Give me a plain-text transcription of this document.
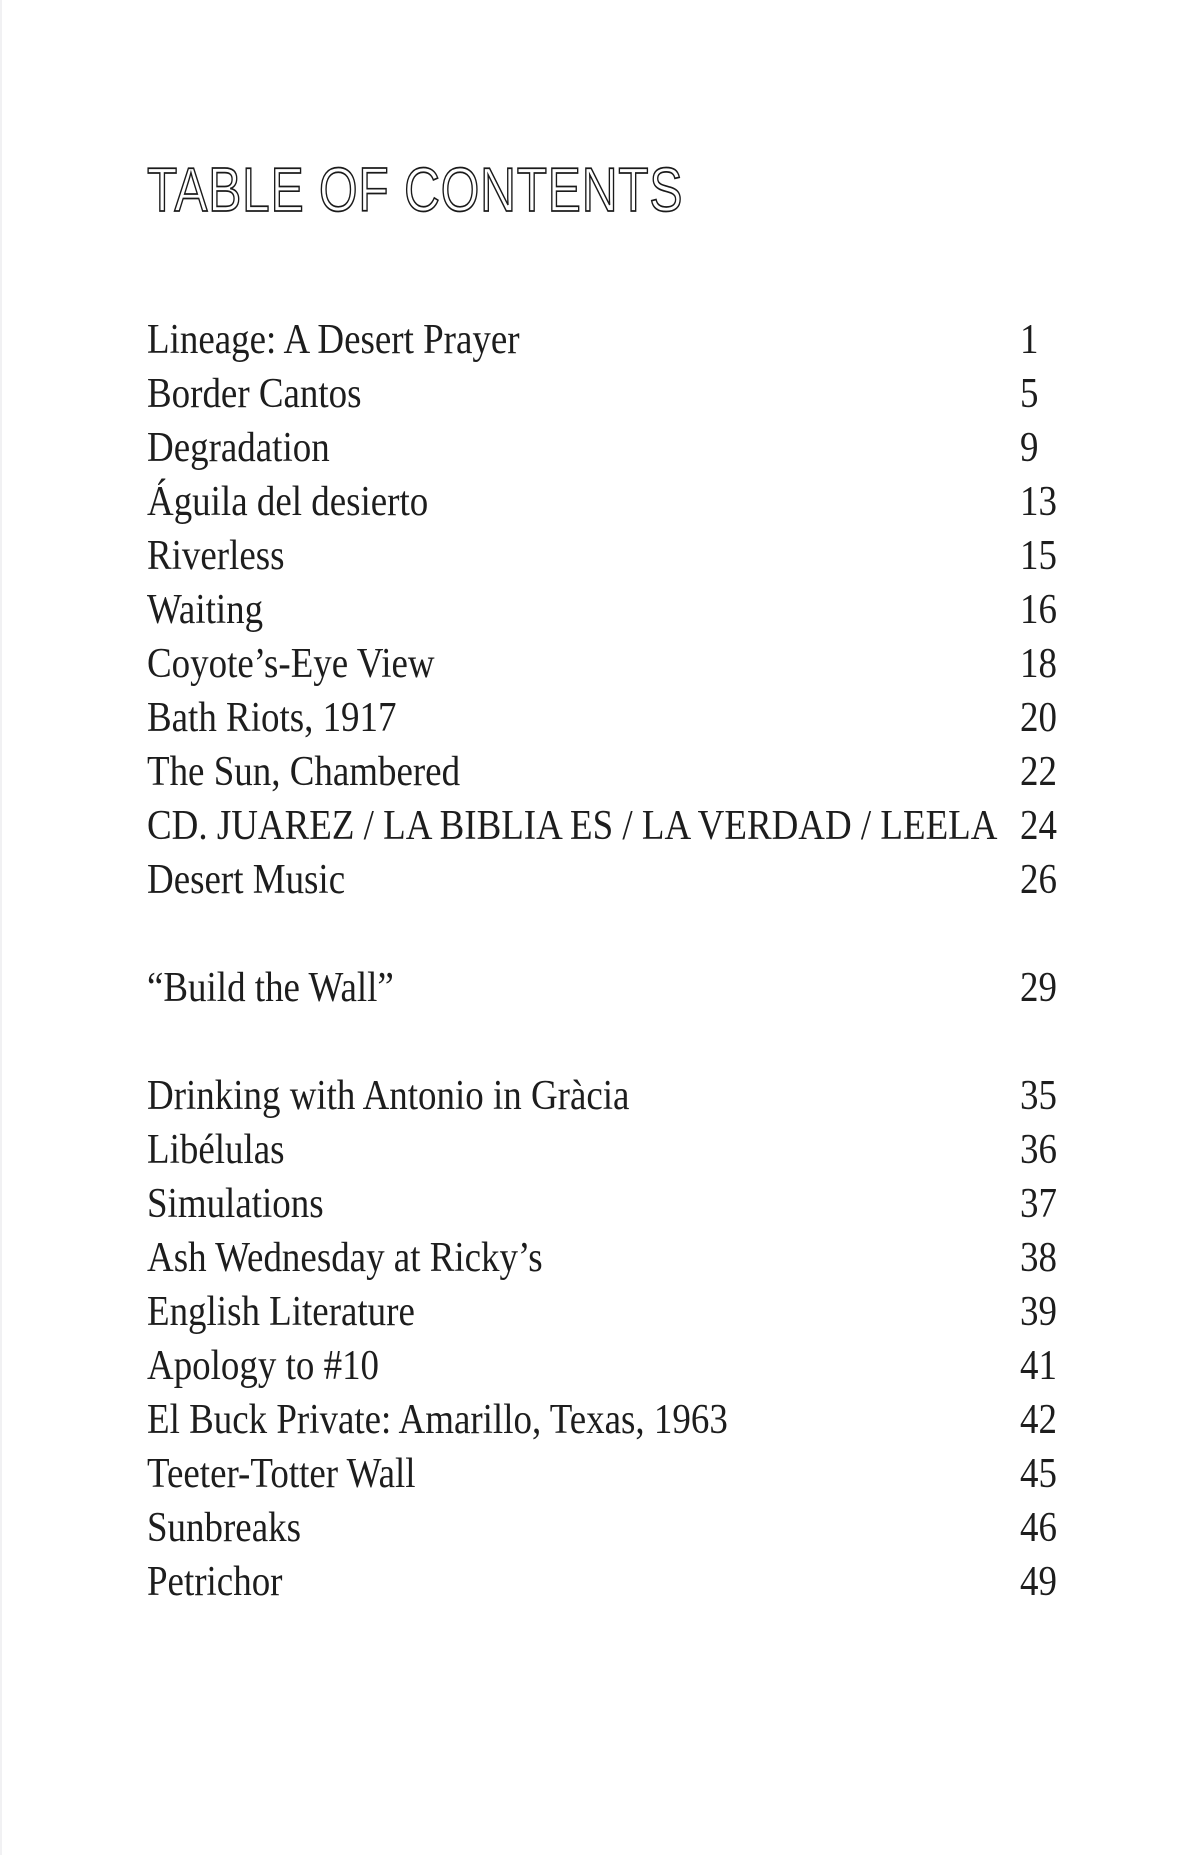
TABLE OF CONTENTS
Lineage: A Desert Prayer	1
Border Cantos	5
Degradation	9
Águila del desierto	13
Riverless	15
Waiting	16
Coyote’s-Eye View	18
Bath Riots, 1917	20
The Sun, Chambered	22
CD. JUAREZ / LA BIBLIA ES / LA VERDAD / LEELA 24
Desert Music	26
“Build the Wall”	29
Drinking with Antonio in Gràcia	35
Libélulas	36
Simulations	37
Ash Wednesday at Ricky’s	38
English Literature	39
Apology to #10	41
El Buck Private: Amarillo, Texas, 1963	42
Teeter-Totter Wall	45
Sunbreaks	46
Petrichor	49
